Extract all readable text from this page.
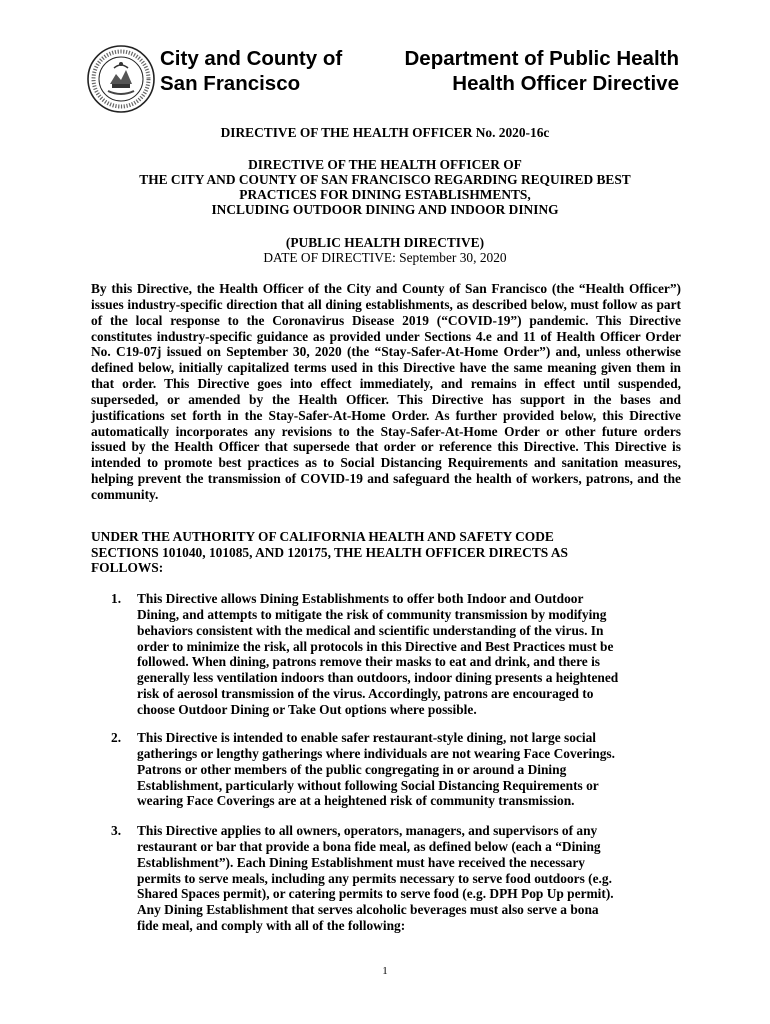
City and County of
San Francisco
Department of Public Health
Health Officer Directive
DIRECTIVE OF THE HEALTH OFFICER No. 2020-16c
DIRECTIVE OF THE HEALTH OFFICER OF
THE CITY AND COUNTY OF SAN FRANCISCO REGARDING REQUIRED BEST
PRACTICES FOR DINING ESTABLISHMENTS,
INCLUDING OUTDOOR DINING AND INDOOR DINING
(PUBLIC HEALTH DIRECTIVE)
DATE OF DIRECTIVE: September 30, 2020
By this Directive, the Health Officer of the City and County of San Francisco (the “Health Officer”) issues industry-specific direction that all dining establishments, as described below, must follow as part of the local response to the Coronavirus Disease 2019 (“COVID-19”) pandemic. This Directive constitutes industry-specific guidance as provided under Sections 4.e and 11 of Health Officer Order No. C19-07j issued on September 30, 2020 (the “Stay-Safer-At-Home Order”) and, unless otherwise defined below, initially capitalized terms used in this Directive have the same meaning given them in that order. This Directive goes into effect immediately, and remains in effect until suspended, superseded, or amended by the Health Officer. This Directive has support in the bases and justifications set forth in the Stay-Safer-At-Home Order. As further provided below, this Directive automatically incorporates any revisions to the Stay-Safer-At-Home Order or other future orders issued by the Health Officer that supersede that order or reference this Directive. This Directive is intended to promote best practices as to Social Distancing Requirements and sanitation measures, helping prevent the transmission of COVID-19 and safeguard the health of workers, patrons, and the community.
UNDER THE AUTHORITY OF CALIFORNIA HEALTH AND SAFETY CODE
SECTIONS 101040, 101085, AND 120175, THE HEALTH OFFICER DIRECTS AS
FOLLOWS:
1. This Directive allows Dining Establishments to offer both Indoor and Outdoor
Dining, and attempts to mitigate the risk of community transmission by modifying
behaviors consistent with the medical and scientific understanding of the virus. In
order to minimize the risk, all protocols in this Directive and Best Practices must be
followed. When dining, patrons remove their masks to eat and drink, and there is
generally less ventilation indoors than outdoors, indoor dining presents a heightened
risk of aerosol transmission of the virus. Accordingly, patrons are encouraged to
choose Outdoor Dining or Take Out options where possible.
2. This Directive is intended to enable safer restaurant-style dining, not large social
gatherings or lengthy gatherings where individuals are not wearing Face Coverings.
Patrons or other members of the public congregating in or around a Dining
Establishment, particularly without following Social Distancing Requirements or
wearing Face Coverings are at a heightened risk of community transmission.
3. This Directive applies to all owners, operators, managers, and supervisors of any
restaurant or bar that provide a bona fide meal, as defined below (each a “Dining
Establishment”). Each Dining Establishment must have received the necessary
permits to serve meals, including any permits necessary to serve food outdoors (e.g.
Shared Spaces permit), or catering permits to serve food (e.g. DPH Pop Up permit).
Any Dining Establishment that serves alcoholic beverages must also serve a bona
fide meal, and comply with all of the following:
1
